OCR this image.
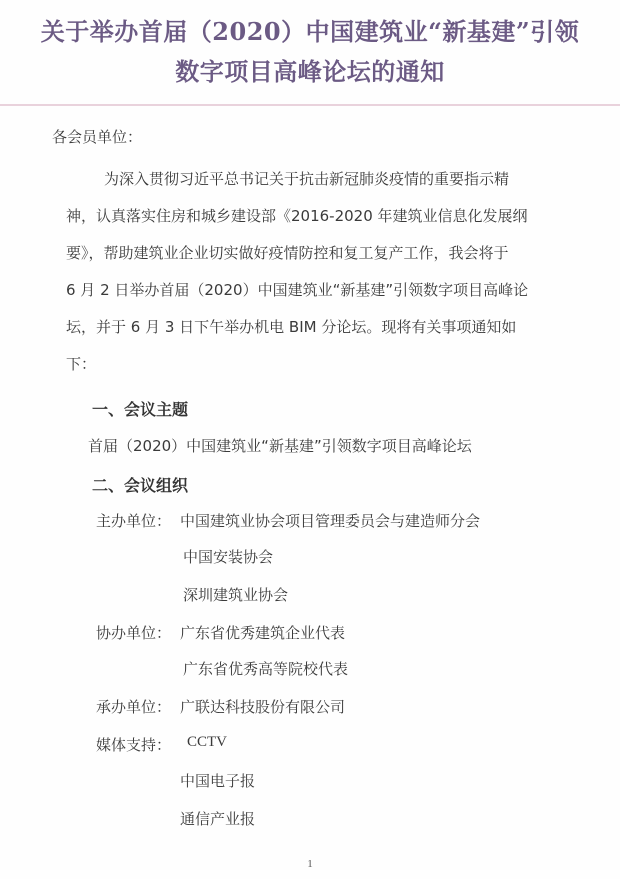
关于举办首届（2020）中国建筑业“新基建”引领
数字项目高峰论坛的通知
各会员单位：
为深入贯彻习近平总书记关于抗击新冠肺炎疫情的重要指示精
神，认真落实住房和城乡建设部《2016-2020 年建筑业信息化发展纲
要》，帮助建筑业企业切实做好疫情防控和复工复产工作，我会将于
6 月 2 日举办首届（2020）中国建筑业“新基建”引领数字项目高峰论
坛，并于 6 月 3 日下午举办机电 BIM 分论坛。现将有关事项通知如
下：
一、会议主题
首届（2020）中国建筑业“新基建”引领数字项目高峰论坛
二、会议组织
主办单位： 中国建筑业协会项目管理委员会与建造师分会
中国安装协会
深圳建筑业协会
协办单位： 广东省优秀建筑企业代表
广东省优秀高等院校代表
承办单位： 广联达科技股份有限公司
媒体支持： CCTV
中国电子报
通信产业报
1
